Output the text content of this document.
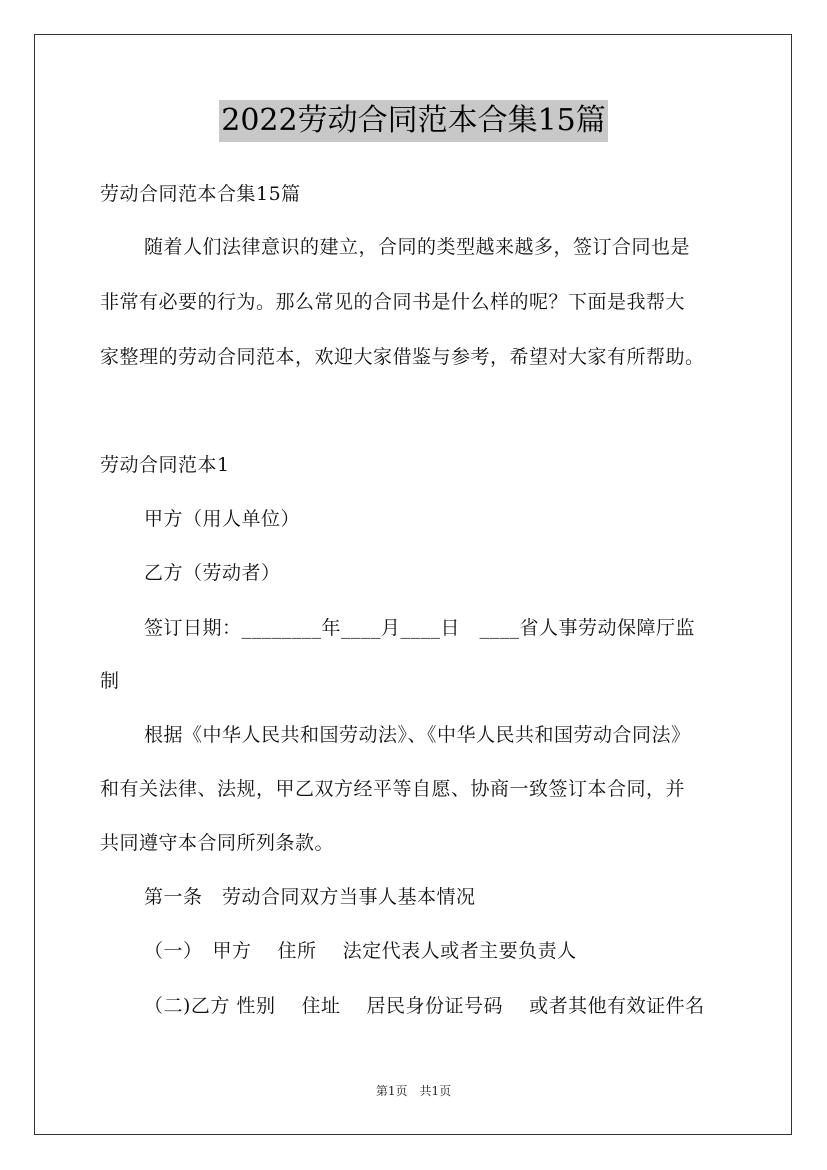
2022劳动合同范本合集15篇
劳动合同范本合集15篇
随着人们法律意识的建立，合同的类型越来越多，签订合同也是
非常有必要的行为。那么常见的合同书是什么样的呢？下面是我帮大
家整理的劳动合同范本，欢迎大家借鉴与参考，希望对大家有所帮助。
劳动合同范本1
甲方（用人单位）
乙方（劳动者）
签订日期：________年____月____日　____省人事劳动保障厅监
制
根据《中华人民共和国劳动法》、《中华人民共和国劳动合同法》
和有关法律、法规，甲乙双方经平等自愿、协商一致签订本合同，并
共同遵守本合同所列条款。
第一条　劳动合同双方当事人基本情况
（一）　甲方　 住所　 法定代表人或者主要负责人
（二)乙方 性别　 住址　 居民身份证号码　 或者其他有效证件名
第1页　共1页
